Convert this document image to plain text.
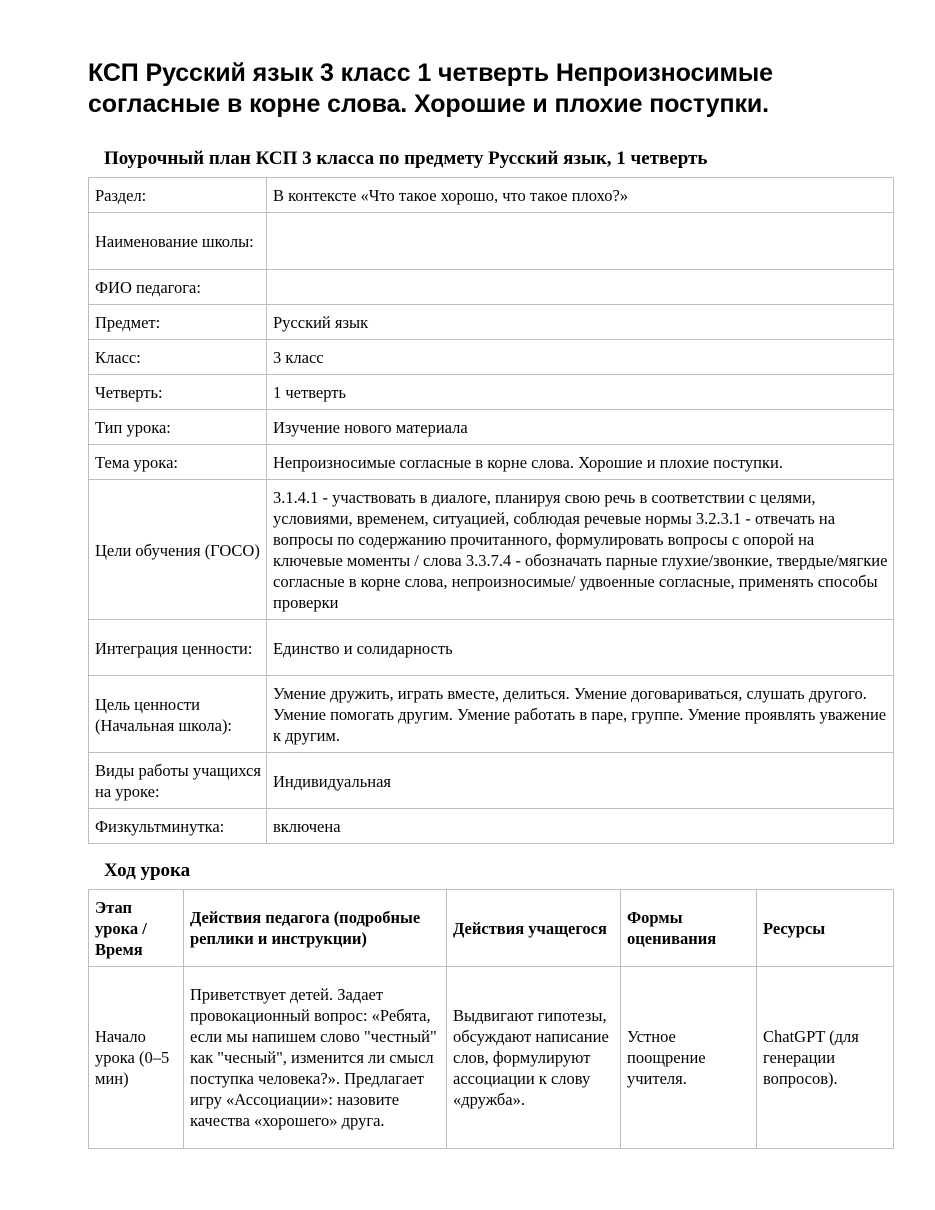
КСП Русский язык 3 класс 1 четверть Непроизносимые согласные в корне слова. Хорошие и плохие поступки.

Поурочный план КСП 3 класса по предмету Русский язык, 1 четверть

Раздел:	В контексте «Что такое хорошо, что такое плохо?»
Наименование школы:	
ФИО педагога:	
Предмет:	Русский язык
Класс:	3 класс
Четверть:	1 четверть
Тип урока:	Изучение нового материала
Тема урока:	Непроизносимые согласные в корне слова. Хорошие и плохие поступки.
Цели обучения (ГОСО)	3.1.4.1 - участвовать в диалоге, планируя свою речь в соответствии с целями, условиями, временем, ситуацией, соблюдая речевые нормы 3.2.3.1 - отвечать на вопросы по содержанию прочитанного, формулировать вопросы с опорой на ключевые моменты / слова 3.3.7.4 - обозначать парные глухие/звонкие, твердые/мягкие согласные в корне слова, непроизносимые/ удвоенные согласные, применять способы проверки
Интеграция ценности:	Единство и солидарность
Цель ценности (Начальная школа):	Умение дружить, играть вместе, делиться. Умение договариваться, слушать другого. Умение помогать другим. Умение работать в паре, группе. Умение проявлять уважение к другим.
Виды работы учащихся на уроке:	Индивидуальная
Физкультминутка:	включена

Ход урока

Этап урока / Время	Действия педагога (подробные реплики и инструкции)	Действия учащегося	Формы оценивания	Ресурсы
Начало урока (0–5 мин)	Приветствует детей. Задает провокационный вопрос: «Ребята, если мы напишем слово "честный" как "чесный", изменится ли смысл поступка человека?». Предлагает игру «Ассоциации»: назовите качества «хорошего» друга.	Выдвигают гипотезы, обсуждают написание слов, формулируют ассоциации к слову «дружба».	Устное поощрение учителя.	ChatGPT (для генерации вопросов).
